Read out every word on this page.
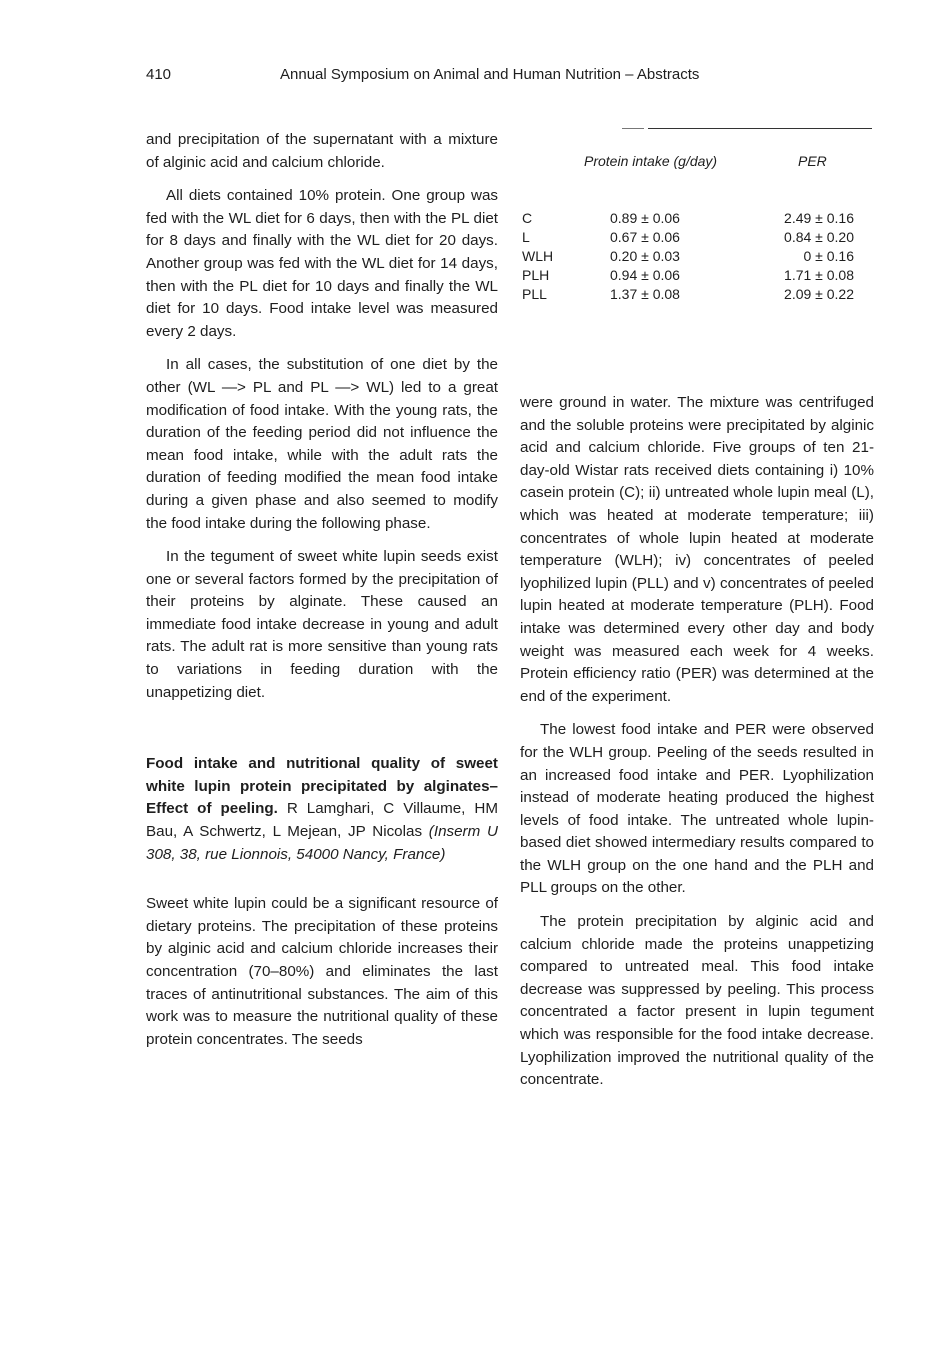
410	Annual Symposium on Animal and Human Nutrition – Abstracts

and precipitation of the supernatant with a mixture of alginic acid and calcium chloride.

All diets contained 10% protein. One group was fed with the WL diet for 6 days, then with the PL diet for 8 days and finally with the WL diet for 20 days. Another group was fed with the WL diet for 14 days, then with the PL diet for 10 days and finally the WL diet for 10 days. Food intake level was measured every 2 days.

In all cases, the substitution of one diet by the other (WL —> PL and PL —> WL) led to a great modification of food intake. With the young rats, the duration of the feeding period did not influence the mean food intake, while with the adult rats the duration of feeding modified the mean food intake during a given phase and also seemed to modify the food intake during the following phase.

In the tegument of sweet white lupin seeds exist one or several factors formed by the precipitation of their proteins by alginate. These caused an immediate food intake decrease in young and adult rats. The adult rat is more sensitive than young rats to variations in feeding duration with the unappetizing diet.

Food intake and nutritional quality of sweet white lupin protein precipitated by alginates–Effect of peeling. R Lamghari, C Villaume, HM Bau, A Schwertz, L Mejean, JP Nicolas (Inserm U 308, 38, rue Lionnois, 54000 Nancy, France)

Sweet white lupin could be a significant resource of dietary proteins. The precipitation of these proteins by alginic acid and calcium chloride increases their concentration (70–80%) and eliminates the last traces of antinutritional substances. The aim of this work was to measure the nutritional quality of these protein concentrates. The seeds

Protein intake (g/day)	PER
C	0.89 ± 0.06	2.49 ± 0.16
L	0.67 ± 0.06	0.84 ± 0.20
WLH	0.20 ± 0.03	0 ± 0.16
PLH	0.94 ± 0.06	1.71 ± 0.08
PLL	1.37 ± 0.08	2.09 ± 0.22

were ground in water. The mixture was centrifuged and the soluble proteins were precipitated by alginic acid and calcium chloride. Five groups of ten 21-day-old Wistar rats received diets containing i) 10% casein protein (C); ii) untreated whole lupin meal (L), which was heated at moderate temperature; iii) concentrates of whole lupin heated at moderate temperature (WLH); iv) concentrates of peeled lyophilized lupin (PLL) and v) concentrates of peeled lupin heated at moderate temperature (PLH). Food intake was determined every other day and body weight was measured each week for 4 weeks. Protein efficiency ratio (PER) was determined at the end of the experiment.

The lowest food intake and PER were observed for the WLH group. Peeling of the seeds resulted in an increased food intake and PER. Lyophilization instead of moderate heating produced the highest levels of food intake. The untreated whole lupin-based diet showed intermediary results compared to the WLH group on the one hand and the PLH and PLL groups on the other.

The protein precipitation by alginic acid and calcium chloride made the proteins unappetizing compared to untreated meal. This food intake decrease was suppressed by peeling. This process concentrated a factor present in lupin tegument which was responsible for the food intake decrease. Lyophilization improved the nutritional quality of the concentrate.
